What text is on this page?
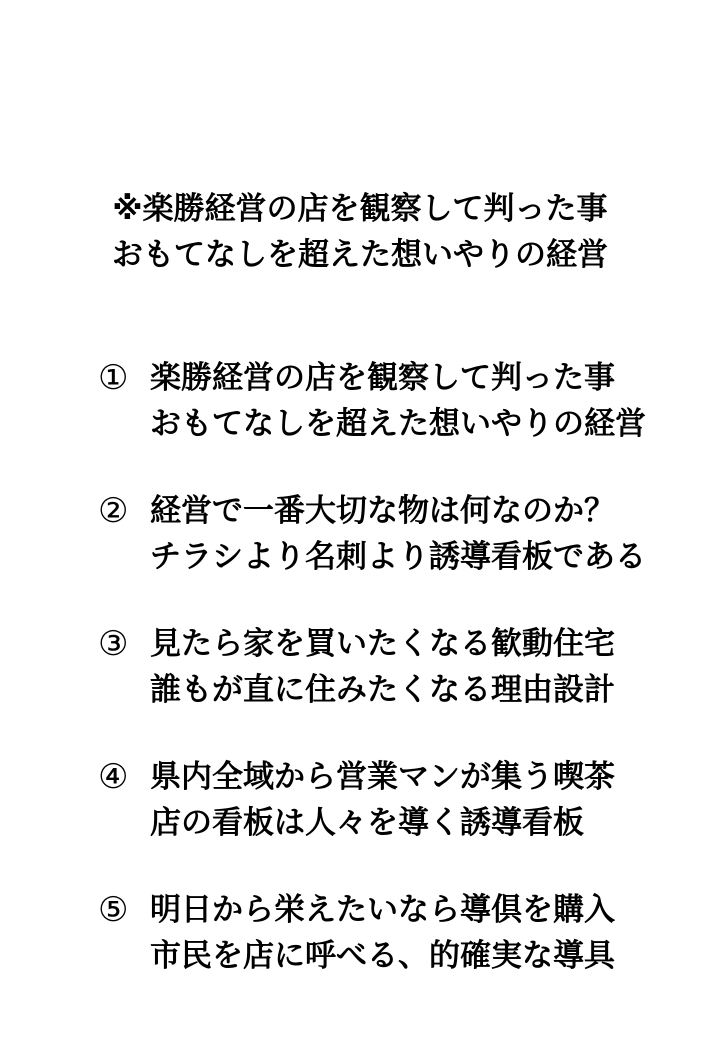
※楽勝経営の店を観察して判った事
おもてなしを超えた想いやりの経営
① 楽勝経営の店を観察して判った事
おもてなしを超えた想いやりの経営
② 経営で一番大切な物は何なのか？
チラシより名刺より誘導看板である
③ 見たら家を買いたくなる歓動住宅
誰もが直に住みたくなる理由設計
④ 県内全域から営業マンが集う喫茶
店の看板は人々を導く誘導看板
⑤ 明日から栄えたいなら導倶を購入
市民を店に呼べる、的確実な導具
